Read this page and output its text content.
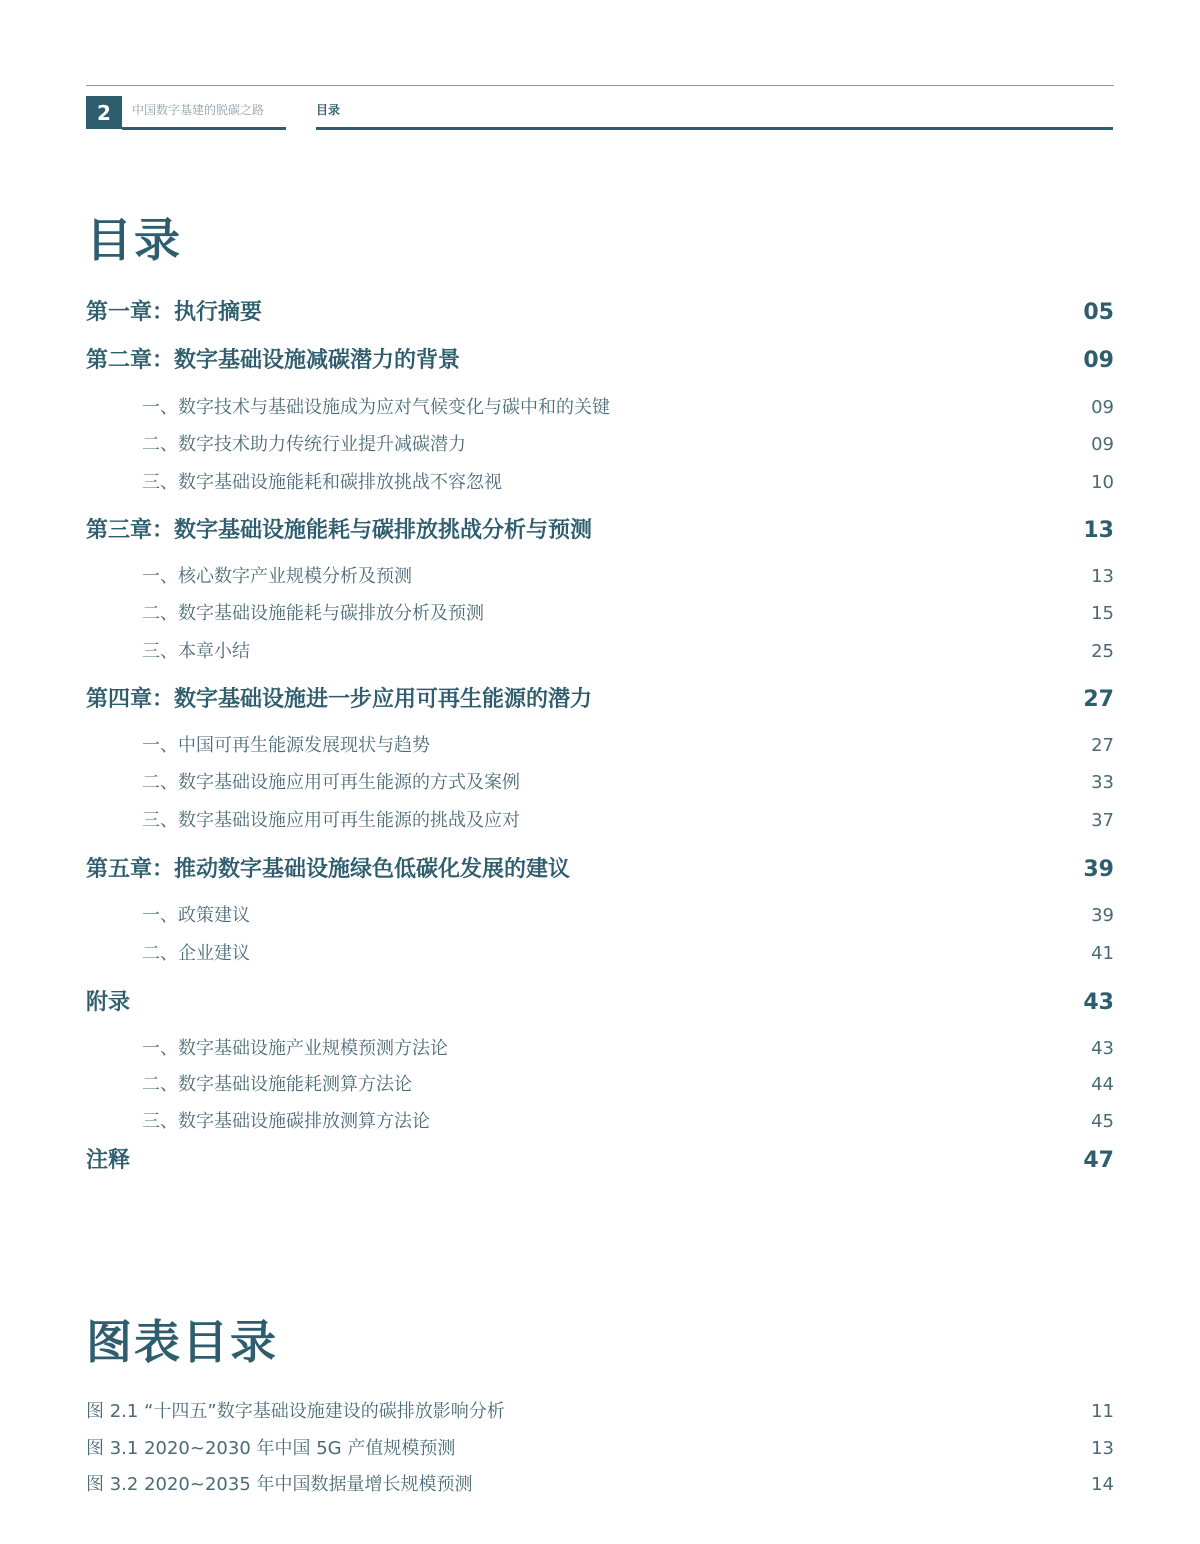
2	中国数字基建的脱碳之路	目录
目录
第一章：执行摘要	05
第二章：数字基础设施减碳潜力的背景	09
一、数字技术与基础设施成为应对气候变化与碳中和的关键	09
二、数字技术助力传统行业提升减碳潜力	09
三、数字基础设施能耗和碳排放挑战不容忽视	10
第三章：数字基础设施能耗与碳排放挑战分析与预测	13
一、核心数字产业规模分析及预测	13
二、数字基础设施能耗与碳排放分析及预测	15
三、本章小结	25
第四章：数字基础设施进一步应用可再生能源的潜力	27
一、中国可再生能源发展现状与趋势	27
二、数字基础设施应用可再生能源的方式及案例	33
三、数字基础设施应用可再生能源的挑战及应对	37
第五章：推动数字基础设施绿色低碳化发展的建议	39
一、政策建议	39
二、企业建议	41
附录	43
一、数字基础设施产业规模预测方法论	43
二、数字基础设施能耗测算方法论	44
三、数字基础设施碳排放测算方法论	45
注释	47
图表目录
图 2.1 “十四五”数字基础设施建设的碳排放影响分析	11
图 3.1 2020~2030 年中国 5G 产值规模预测	13
图 3.2 2020~2035 年中国数据量增长规模预测	14
